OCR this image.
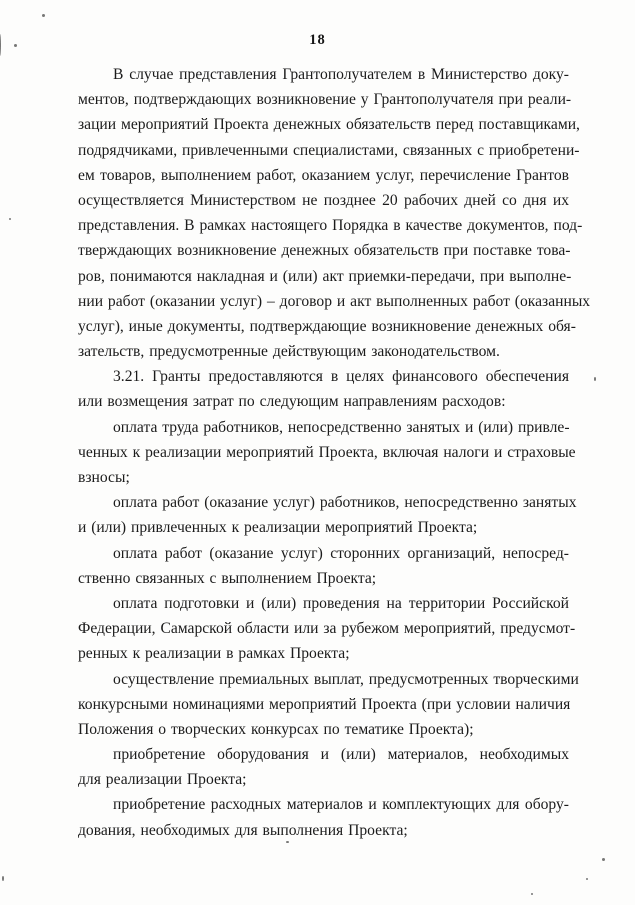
18
В случае представления Грантополучателем в Министерство доку-
ментов, подтверждающих возникновение у Грантополучателя при реали-
зации мероприятий Проекта денежных обязательств перед поставщиками,
подрядчиками, привлеченными специалистами, связанных с приобретени-
ем товаров, выполнением работ, оказанием услуг, перечисление Грантов
осуществляется Министерством не позднее 20 рабочих дней со дня их
представления. В рамках настоящего Порядка в качестве документов, под-
тверждающих возникновение денежных обязательств при поставке това-
ров, понимаются накладная и (или) акт приемки-передачи, при выполне-
нии работ (оказании услуг) – договор и акт выполненных работ (оказанных
услуг), иные документы, подтверждающие возникновение денежных обя-
зательств, предусмотренные действующим законодательством.
3.21. Гранты предоставляются в целях финансового обеспечения
или возмещения затрат по следующим направлениям расходов:
оплата труда работников, непосредственно занятых и (или) привле-
ченных к реализации мероприятий Проекта, включая налоги и страховые
взносы;
оплата работ (оказание услуг) работников, непосредственно занятых
и (или) привлеченных к реализации мероприятий Проекта;
оплата работ (оказание услуг) сторонних организаций, непосред-
ственно связанных с выполнением Проекта;
оплата подготовки и (или) проведения на территории Российской
Федерации, Самарской области или за рубежом мероприятий, предусмот-
ренных к реализации в рамках Проекта;
осуществление премиальных выплат, предусмотренных творческими
конкурсными номинациями мероприятий Проекта (при условии наличия
Положения о творческих конкурсах по тематике Проекта);
приобретение оборудования и (или) материалов, необходимых
для реализации Проекта;
приобретение расходных материалов и комплектующих для обору-
дования, необходимых для выполнения Проекта;
